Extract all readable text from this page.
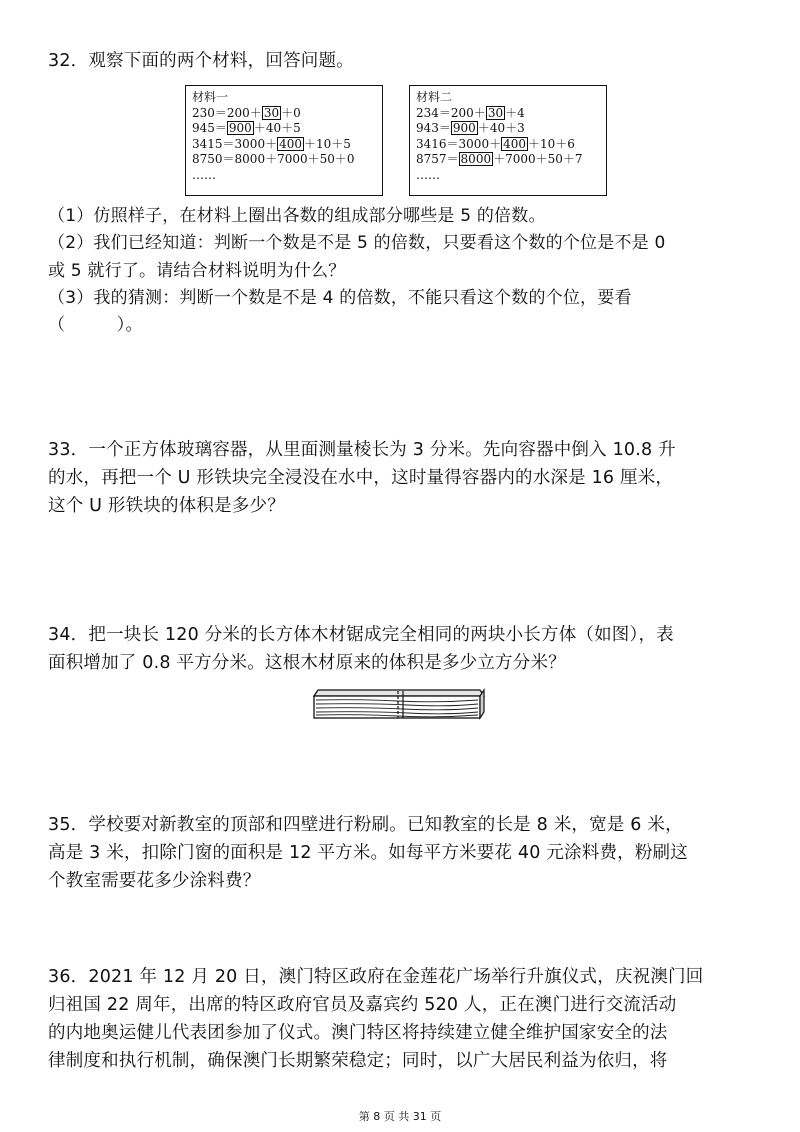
32．观察下面的两个材料，回答问题。
材料一
230＝200＋ 30 ＋0
945＝ 900 ＋40＋5
3415＝3000＋ 400 ＋10＋5
8750＝8000＋7000＋50＋0
……
材料二
234＝200＋ 30 ＋4
943＝ 900 ＋40＋3
3416＝3000＋ 400 ＋10＋6
8757＝ 8000 ＋7000＋50＋7
……
（1）仿照样子，在材料上圈出各数的组成部分哪些是 5 的倍数。
（2）我们已经知道：判断一个数是不是 5 的倍数，只要看这个数的个位是不是 0
或 5 就行了。请结合材料说明为什么？
（3）我的猜测：判断一个数是不是 4 的倍数，不能只看这个数的个位，要看
（　　　）。
33．一个正方体玻璃容器，从里面测量棱长为 3 分米。先向容器中倒入 10.8 升
的水，再把一个 U 形铁块完全浸没在水中，这时量得容器内的水深是 16 厘米，
这个 U 形铁块的体积是多少？
34．把一块长 120 分米的长方体木材锯成完全相同的两块小长方体（如图），表
面积增加了 0.8 平方分米。这根木材原来的体积是多少立方分米？
35．学校要对新教室的顶部和四壁进行粉刷。已知教室的长是 8 米，宽是 6 米，
高是 3 米，扣除门窗的面积是 12 平方米。如每平方米要花 40 元涂料费，粉刷这
个教室需要花多少涂料费？
36．2021 年 12 月 20 日，澳门特区政府在金莲花广场举行升旗仪式，庆祝澳门回
归祖国 22 周年，出席的特区政府官员及嘉宾约 520 人，正在澳门进行交流活动
的内地奥运健儿代表团参加了仪式。澳门特区将持续建立健全维护国家安全的法
律制度和执行机制，确保澳门长期繁荣稳定；同时，以广大居民利益为依归，将
第 8 页 共 31 页
